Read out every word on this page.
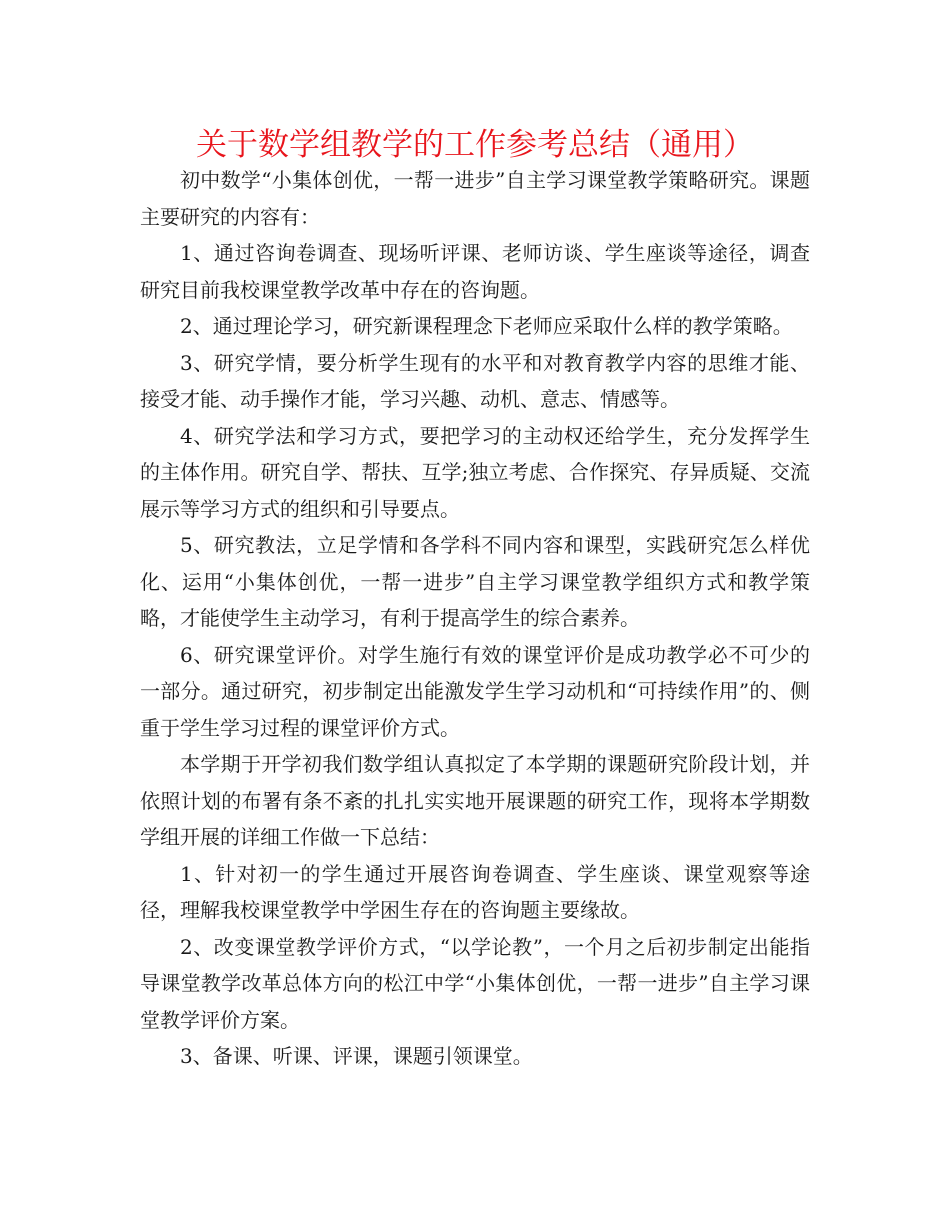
关于数学组教学的工作参考总结（通用）

初中数学“小集体创优，一帮一进步”自主学习课堂教学策略研究。课题主要研究的内容有：

1、通过咨询卷调查、现场听评课、老师访谈、学生座谈等途径，调查研究目前我校课堂教学改革中存在的咨询题。

2、通过理论学习，研究新课程理念下老师应采取什么样的教学策略。

3、研究学情，要分析学生现有的水平和对教育教学内容的思维才能、接受才能、动手操作才能，学习兴趣、动机、意志、情感等。

4、研究学法和学习方式，要把学习的主动权还给学生，充分发挥学生的主体作用。研究自学、帮扶、互学;独立考虑、合作探究、存异质疑、交流展示等学习方式的组织和引导要点。

5、研究教法，立足学情和各学科不同内容和课型，实践研究怎么样优化、运用“小集体创优，一帮一进步”自主学习课堂教学组织方式和教学策略，才能使学生主动学习，有利于提高学生的综合素养。

6、研究课堂评价。对学生施行有效的课堂评价是成功教学必不可少的一部分。通过研究，初步制定出能激发学生学习动机和“可持续作用”的、侧重于学生学习过程的课堂评价方式。

本学期于开学初我们数学组认真拟定了本学期的课题研究阶段计划，并依照计划的布署有条不紊的扎扎实实地开展课题的研究工作，现将本学期数学组开展的详细工作做一下总结：

1、针对初一的学生通过开展咨询卷调查、学生座谈、课堂观察等途径，理解我校课堂教学中学困生存在的咨询题主要缘故。

2、改变课堂教学评价方式，“以学论教”，一个月之后初步制定出能指导课堂教学改革总体方向的松江中学“小集体创优，一帮一进步”自主学习课堂教学评价方案。

3、备课、听课、评课，课题引领课堂。
